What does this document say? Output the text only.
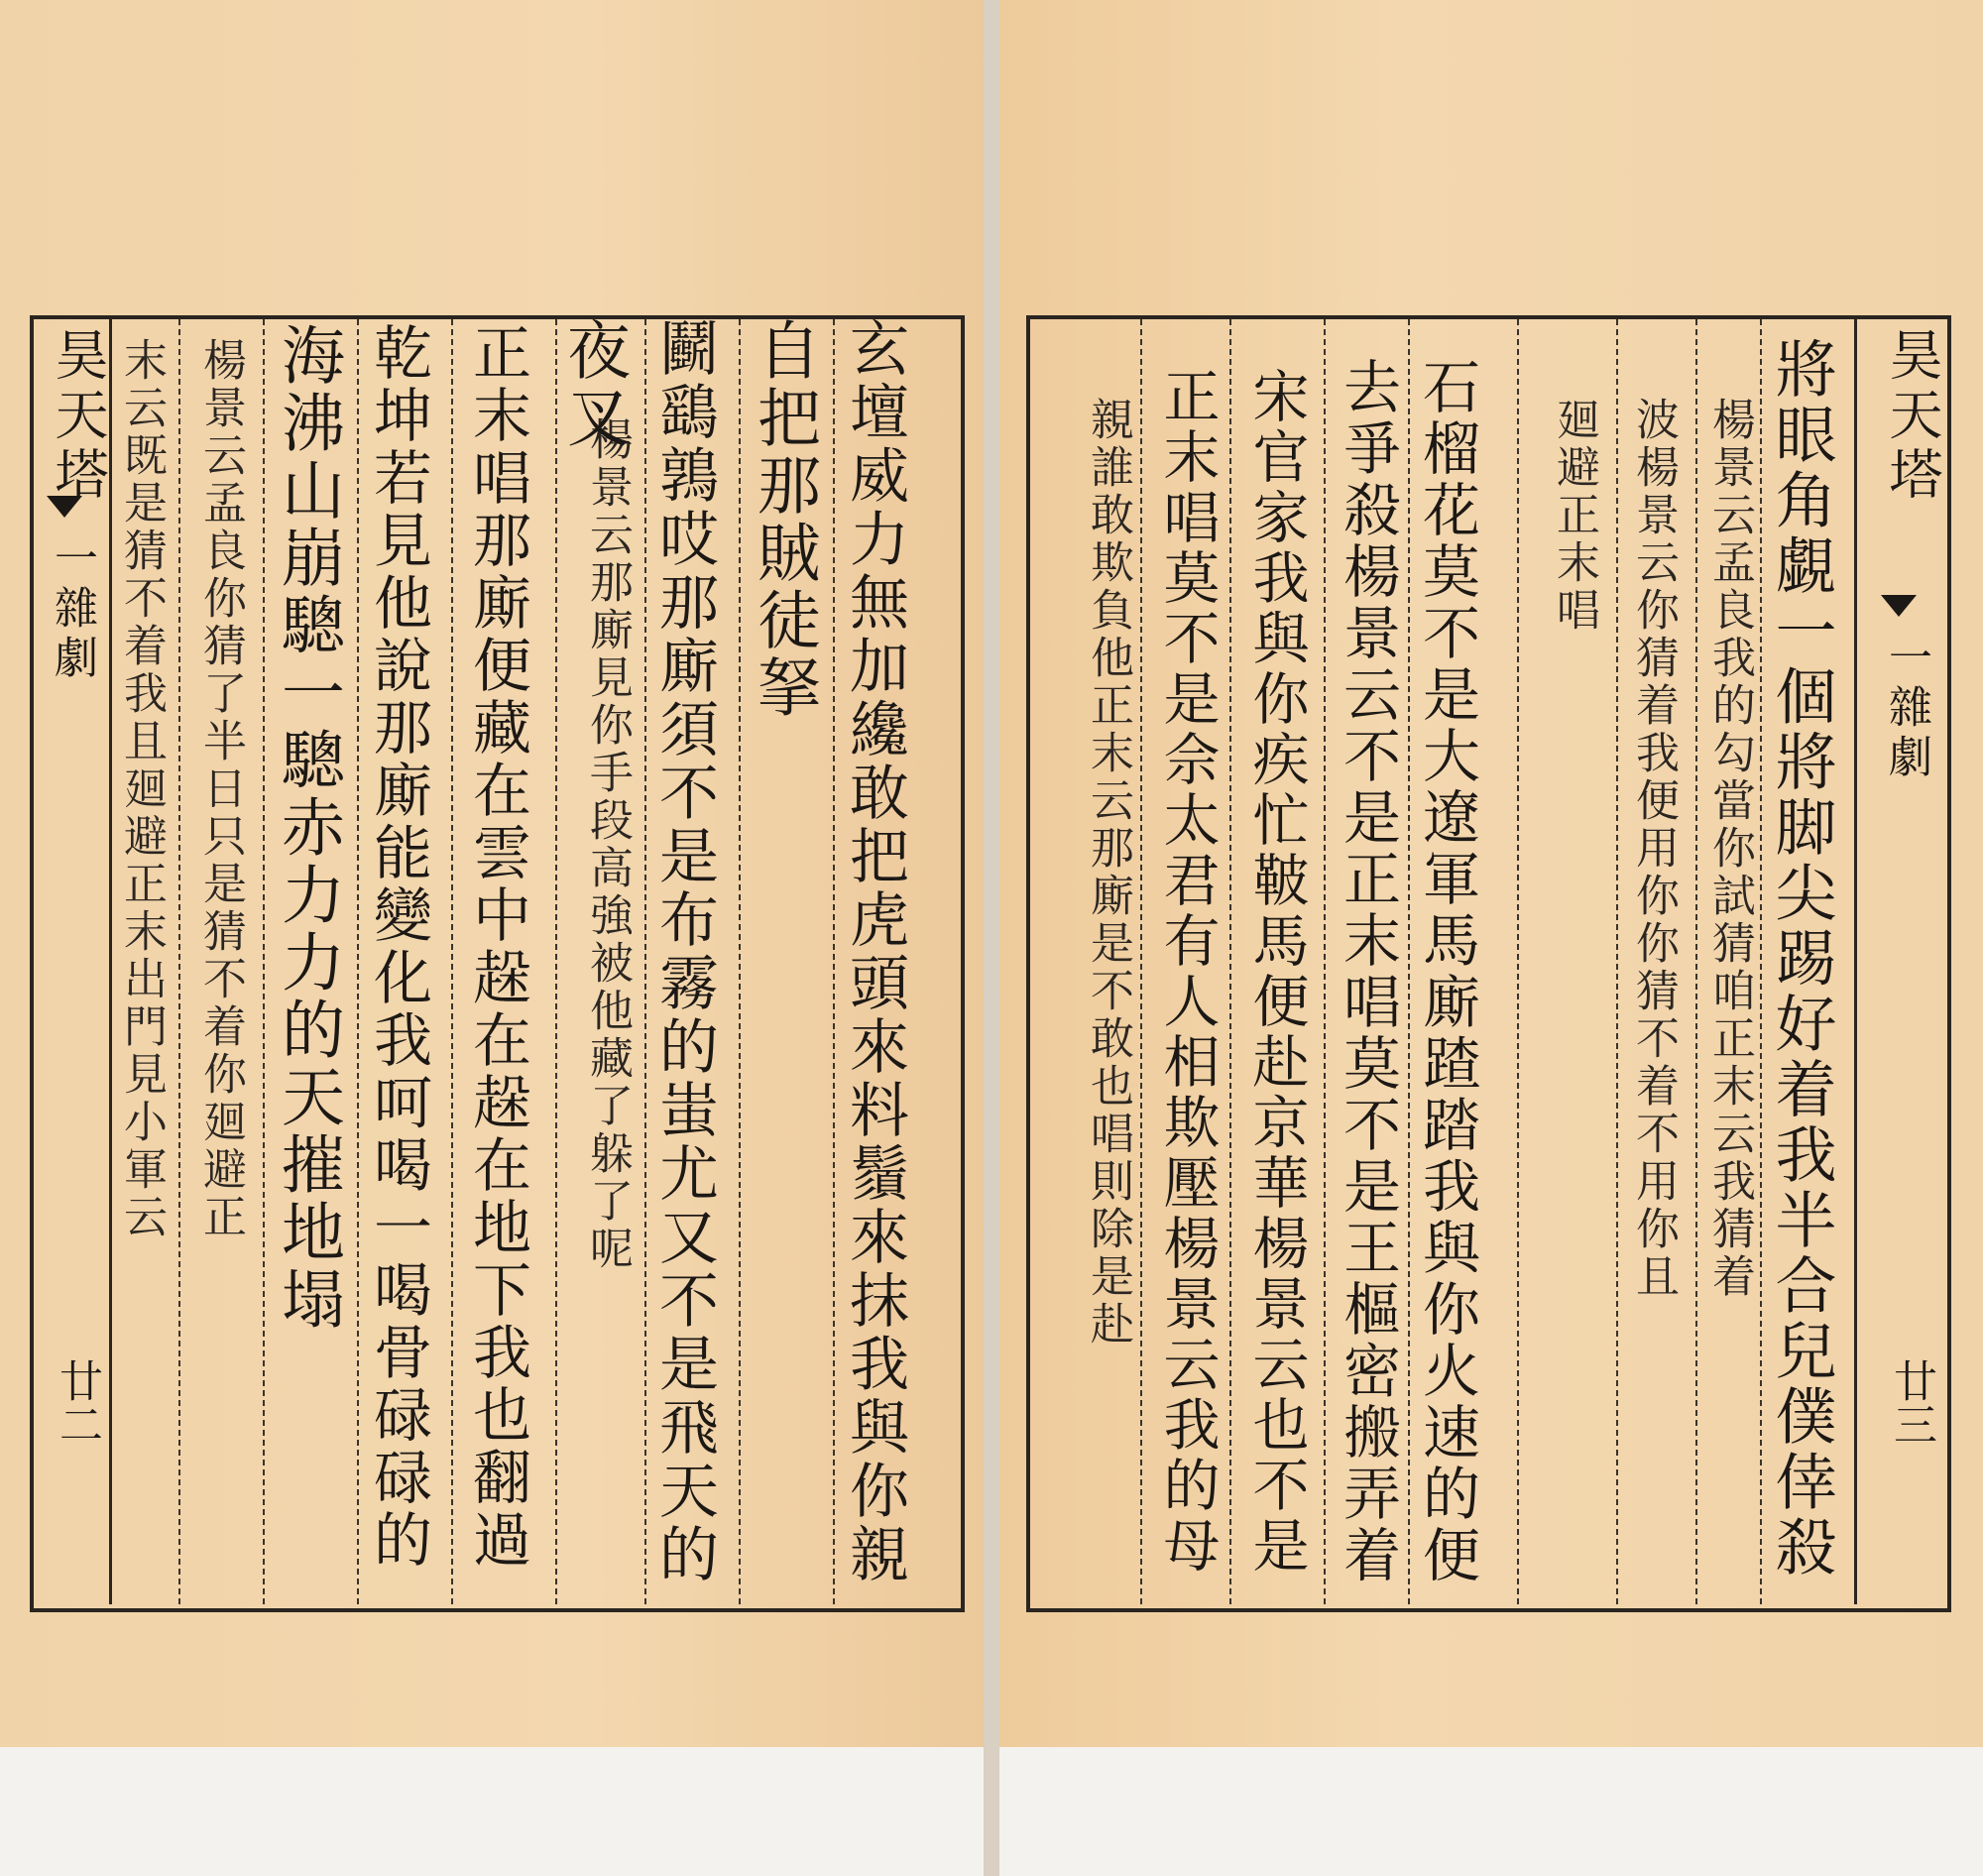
昊天塔
一雜劇
廿二
末云既是猜不着我且廻避正末出門見小軍云 楊景云孟良你猜了半日只是猜不着你廻避正 海沸山崩驄一驄赤力力的天摧地塌 乾坤若見他說那廝能變化我呵喝一喝骨碌碌的 正末唱那廝便藏在雲中趓在趓在地下我也翻過 楊景云那廝見你手段高強被他藏了躲了呢
夜叉 鬬鷂鶉哎那廝須不是布霧的蚩尤又不是飛天的 自把那賊徒拏 玄壇威力無加纔敢把虎頭來料鬚來抹我與你親	昊天塔
一雜劇
廿三
將眼角覷一個將脚尖踢好着我半合兒僕倖殺
楊景云孟良我的勾當你試猜咱正末云我猜着
波楊景云你猜着我便用你你猜不着不用你且
廻避正末唱
石榴花莫不是大遼軍馬廝蹅踏我與你火速的便
去爭殺楊景云不是正末唱莫不是王樞密搬弄着
宋官家我與你疾忙鞁馬便赴京華楊景云也不是
正末唱莫不是佘太君有人相欺壓楊景云我的母
親誰敢欺負他正末云那廝是不敢也唱則除是赴
